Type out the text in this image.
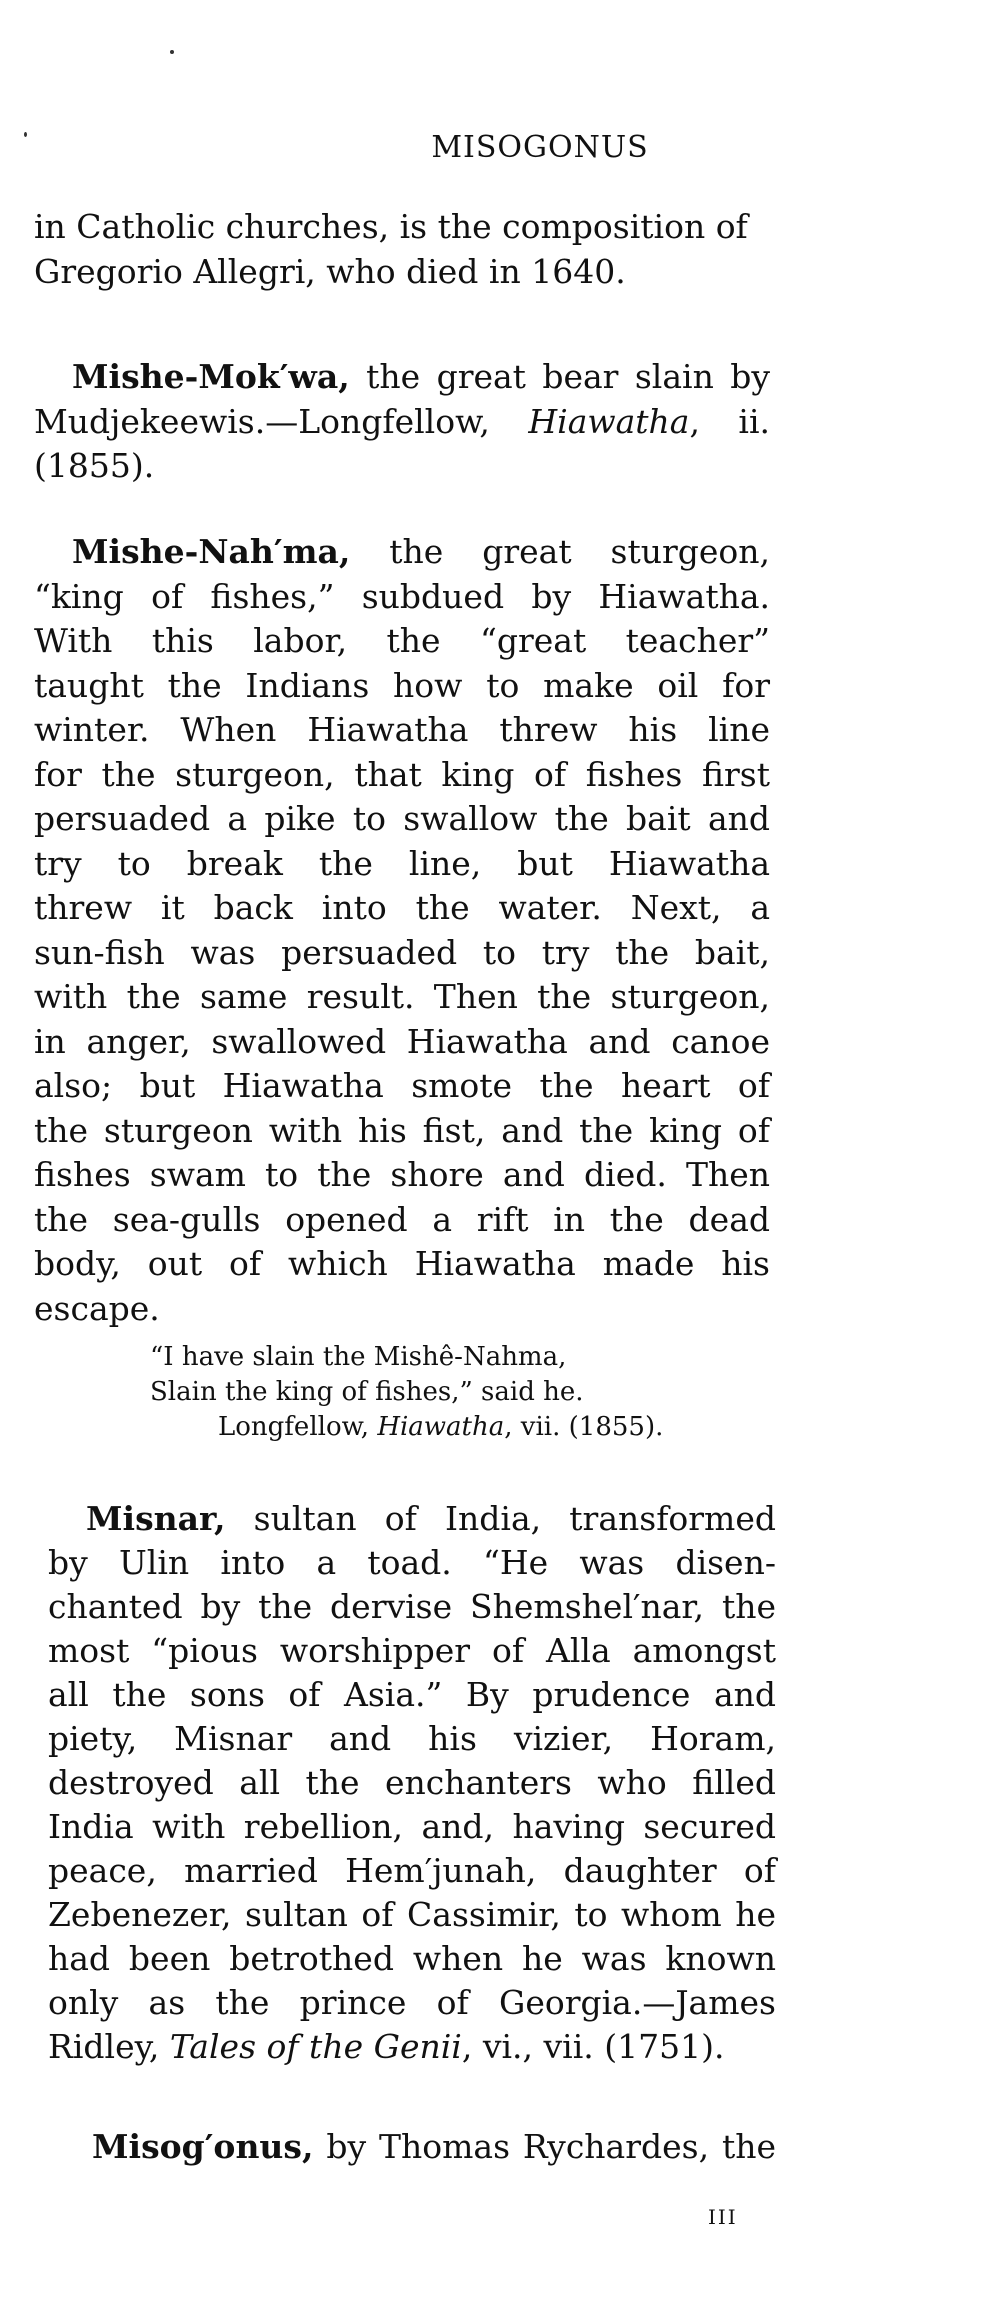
MISOGONUS
in Catholic churches, is the composition of
Gregorio Allegri, who died in 1640.
Mishe-Mok′wa, the great bear slain by
Mudjekeewis.—Longfellow, Hiawatha, ii.
(1855).
Mishe-Nah′ma, the great sturgeon,
“king of fishes,” subdued by Hiawatha.
With this labor, the “great teacher”
taught the Indians how to make oil for
winter. When Hiawatha threw his line
for the sturgeon, that king of fishes first
persuaded a pike to swallow the bait and
try to break the line, but Hiawatha
threw it back into the water. Next, a
sun-fish was persuaded to try the bait,
with the same result. Then the sturgeon,
in anger, swallowed Hiawatha and canoe
also; but Hiawatha smote the heart of
the sturgeon with his fist, and the king of
fishes swam to the shore and died. Then
the sea-gulls opened a rift in the dead
body, out of which Hiawatha made his
escape.
“I have slain the Mishê-Nahma,
Slain the king of fishes,” said he.
Longfellow, Hiawatha, vii. (1855).
Misnar, sultan of India, transformed
by Ulin into a toad. “He was disen-
chanted by the dervise Shemshel′nar, the
most “pious worshipper of Alla amongst
all the sons of Asia.” By prudence and
piety, Misnar and his vizier, Horam,
destroyed all the enchanters who filled
India with rebellion, and, having secured
peace, married Hem′junah, daughter of
Zebenezer, sultan of Cassimir, to whom he
had been betrothed when he was known
only as the prince of Georgia.—James
Ridley, Tales of the Genii, vi., vii. (1751).
Misog′onus, by Thomas Rychardes, the
III
